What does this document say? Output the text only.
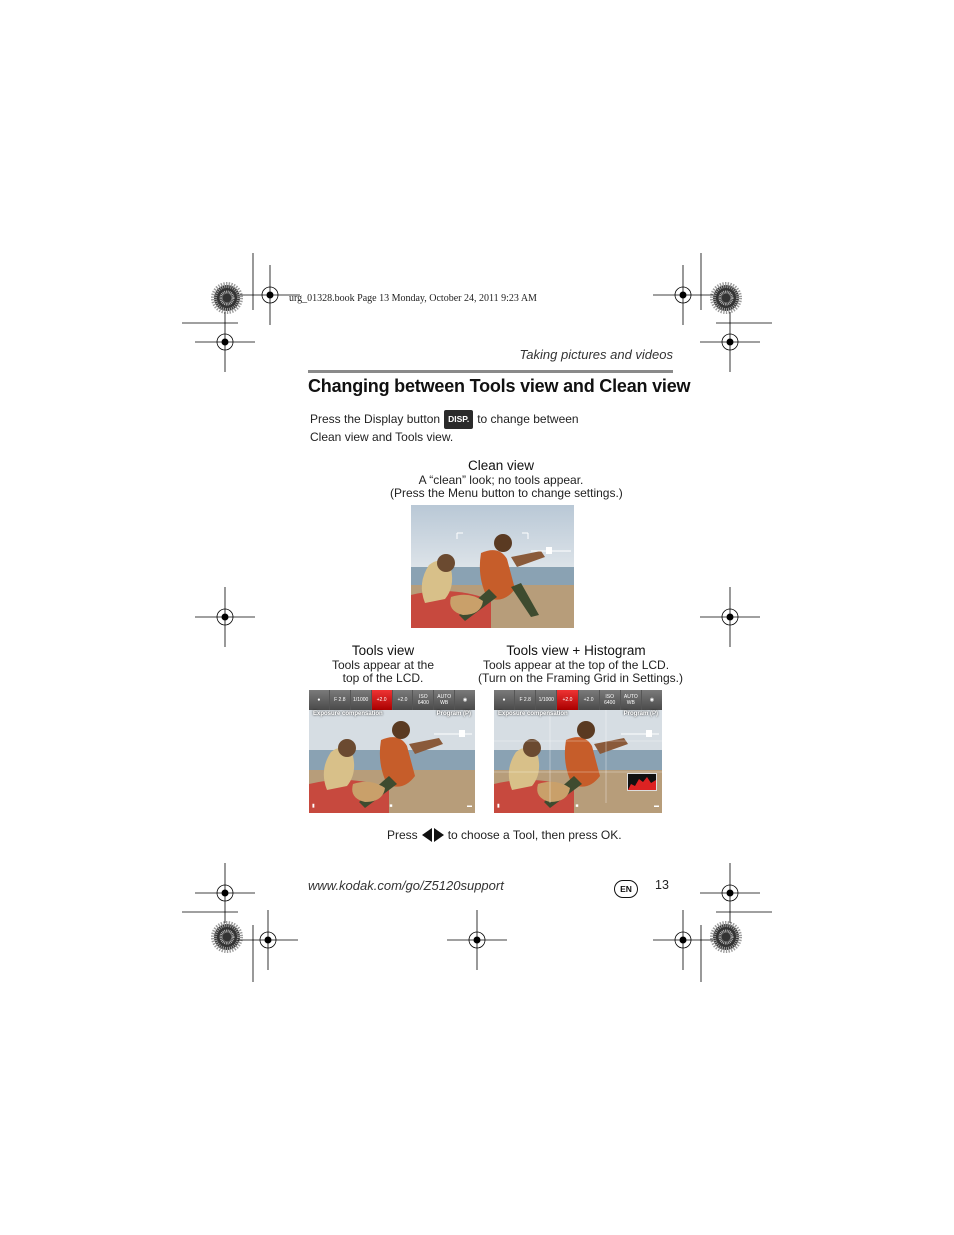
urg_01328.book Page 13 Monday, October 24, 2011 9:23 AM
Taking pictures and videos
Changing between Tools view and Clean view
Press the Display button DISP. to change between
Clean view and Tools view.
Clean view
A “clean” look; no tools appear.
(Press the Menu button to change settings.)
Tools view
Tools appear at the
top of the LCD.
Tools view + Histogram
Tools appear at the top of the LCD.
(Turn on the Framing Grid in Settings.)
●	F 2.8	1/1000	+2.0	+2.0	ISO 6400
AUTO WB	◉
Exposure compensation	Program (P)
▮	■	▬
●	F 2.8	1/1000	+2.0	+2.0	ISO 6400
AUTO WB	◉
Exposure compensation	Program (P)
▮	■	▬
Press	to choose a Tool, then press OK.
www.kodak.com/go/Z5120support	EN	13
